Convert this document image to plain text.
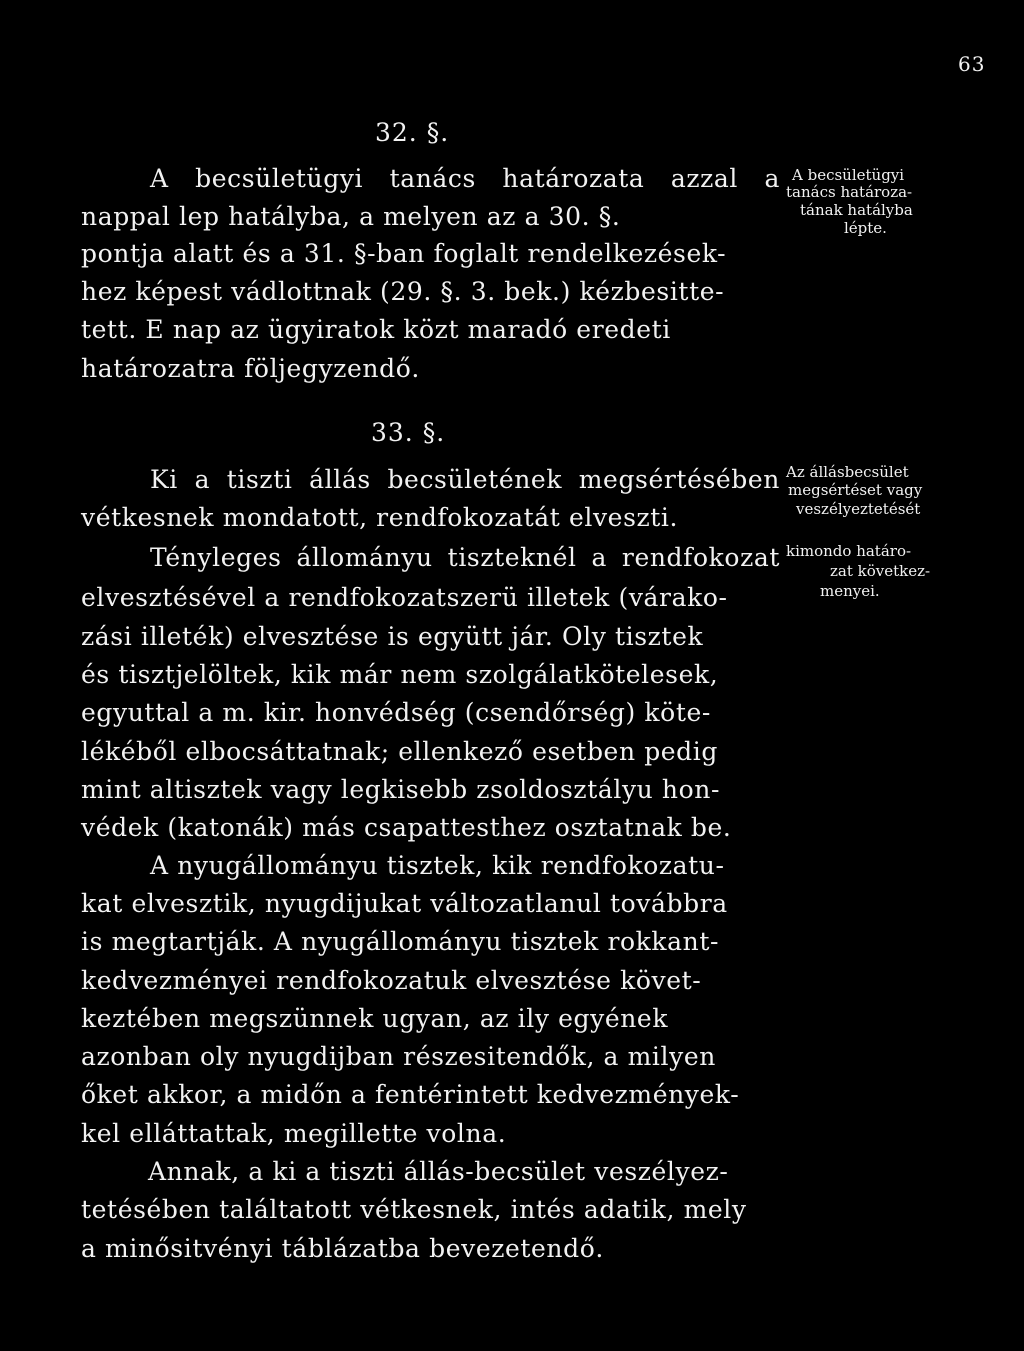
63
32. §.
A becsületügyi tanács határozata azzal a
nappal lep hatályba, a melyen az a 30. §.
pontja alatt és a 31. §-ban foglalt rendelkezések-
hez képest vádlottnak (29. §. 3. bek.) kézbesitte-
tett. E nap az ügyiratok közt maradó eredeti
határozatra följegyzendő.
A becsületügyi
tanács határoza-
tának hatályba
lépte.
33. §.
Ki a tiszti állás becsületének megsértésében
vétkesnek mondatott, rendfokozatát elveszti.
Tényleges állományu tiszteknél a rendfokozat
elvesztésével a rendfokozatszerü illetek (várako-
zási illeték) elvesztése is együtt jár. Oly tisztek
és tisztjelöltek, kik már nem szolgálatkötelesek,
egyuttal a m. kir. honvédség (csendőrség) köte-
lékéből elbocsáttatnak; ellenkező esetben pedig
mint altisztek vagy legkisebb zsoldosztályu hon-
védek (katonák) más csapattesthez osztatnak be.
A nyugállományu tisztek, kik rendfokozatu-
kat elvesztik, nyugdijukat változatlanul továbbra
is megtartják. A nyugállományu tisztek rokkant-
kedvezményei rendfokozatuk elvesztése követ-
keztében megszünnek ugyan, az ily egyének
azonban oly nyugdijban részesitendők, a milyen
őket akkor, a midőn a fentérintett kedvezmények-
kel elláttattak, megillette volna.
Annak, a ki a tiszti állás-becsület veszélyez-
tetésében találtatott vétkesnek, intés adatik, mely
a minősitvényi táblázatba bevezetendő.
Az állásbecsület
megsértéset vagy
veszélyeztetését
kimondo határo-
zat következ-
menyei.
